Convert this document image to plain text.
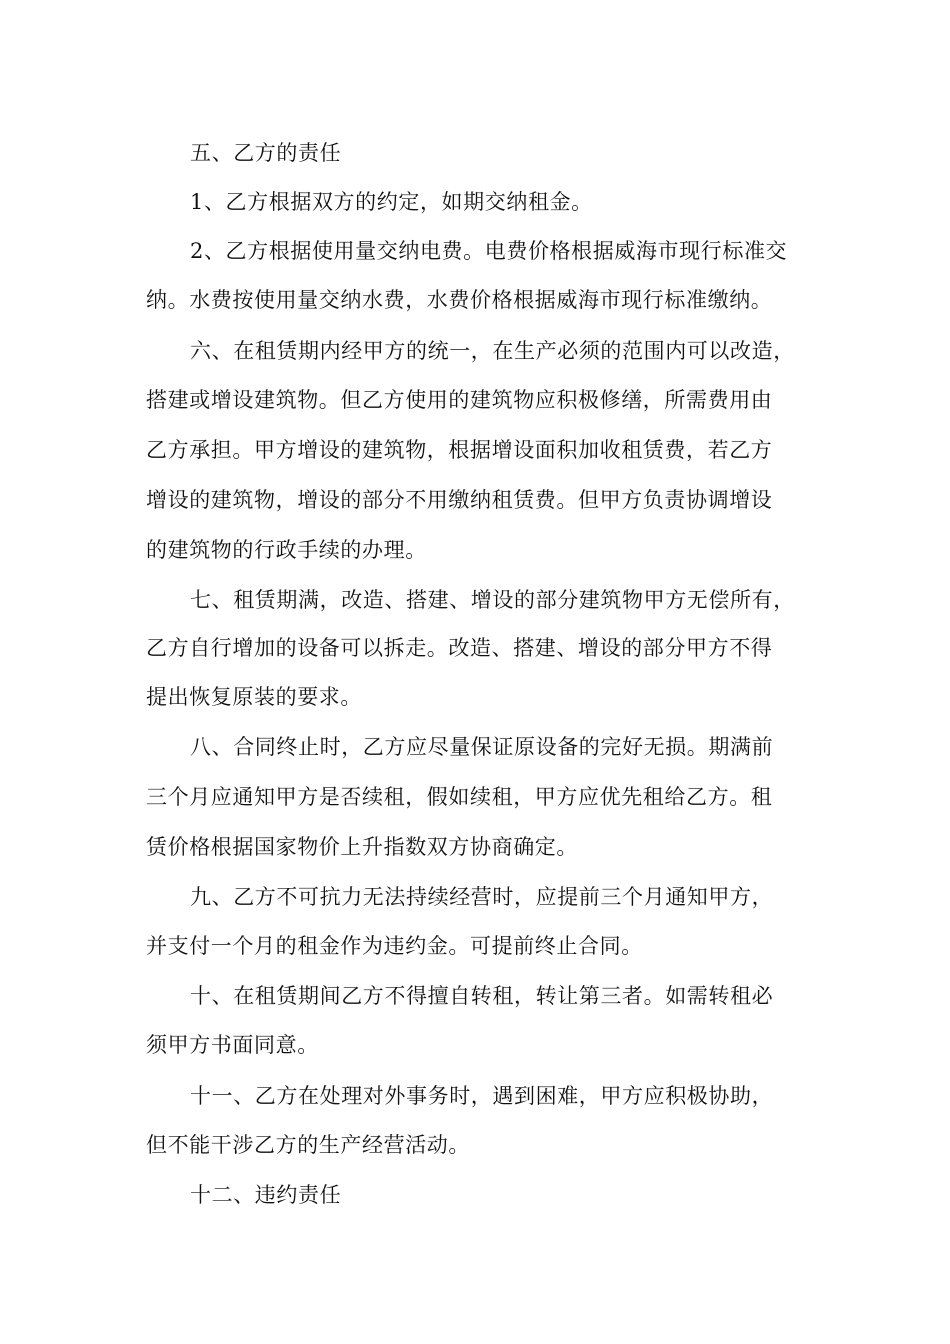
五、乙方的责任
1、乙方根据双方的约定，如期交纳租金。
2、乙方根据使用量交纳电费。电费价格根据威海市现行标准交
纳。水费按使用量交纳水费，水费价格根据威海市现行标准缴纳。
六、在租赁期内经甲方的统一，在生产必须的范围内可以改造，
搭建或增设建筑物。但乙方使用的建筑物应积极修缮，所需费用由
乙方承担。甲方增设的建筑物，根据增设面积加收租赁费，若乙方
增设的建筑物，增设的部分不用缴纳租赁费。但甲方负责协调增设
的建筑物的行政手续的办理。
七、租赁期满，改造、搭建、增设的部分建筑物甲方无偿所有，
乙方自行增加的设备可以拆走。改造、搭建、增设的部分甲方不得
提出恢复原装的要求。
八、合同终止时，乙方应尽量保证原设备的完好无损。期满前
三个月应通知甲方是否续租，假如续租，甲方应优先租给乙方。租
赁价格根据国家物价上升指数双方协商确定。
九、乙方不可抗力无法持续经营时，应提前三个月通知甲方，
并支付一个月的租金作为违约金。可提前终止合同。
十、在租赁期间乙方不得擅自转租，转让第三者。如需转租必
须甲方书面同意。
十一、乙方在处理对外事务时，遇到困难，甲方应积极协助，
但不能干涉乙方的生产经营活动。
十二、违约责任
